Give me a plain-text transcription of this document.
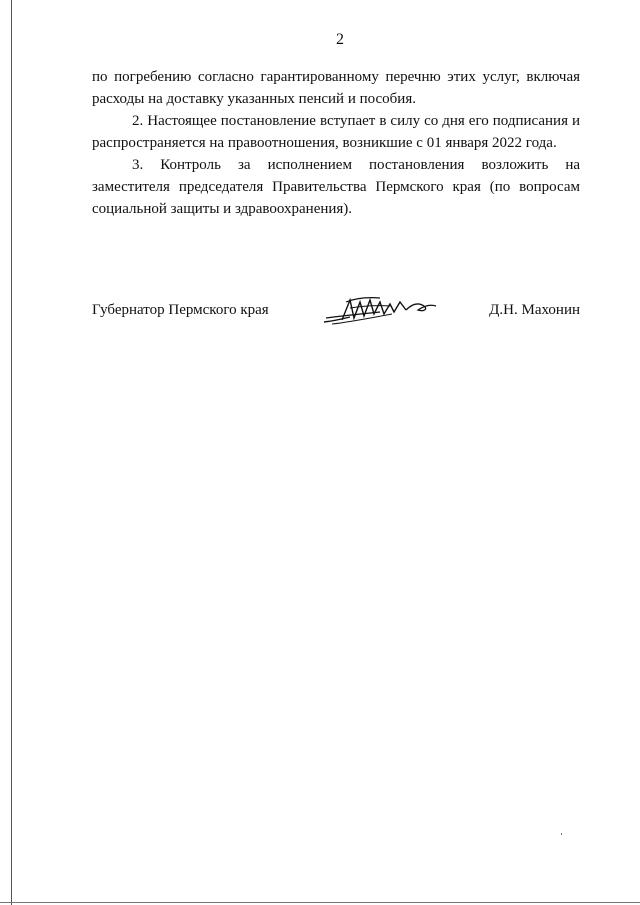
2

по погребению согласно гарантированному перечню этих услуг, включая расходы на доставку указанных пенсий и пособия.

2. Настоящее постановление вступает в силу со дня его подписания и распространяется на правоотношения, возникшие с 01 января 2022 года.

3. Контроль за исполнением постановления возложить на заместителя председателя Правительства Пермского края (по вопросам социальной защиты и здравоохранения).

Губернатор Пермского края	Д.Н. Махонин
